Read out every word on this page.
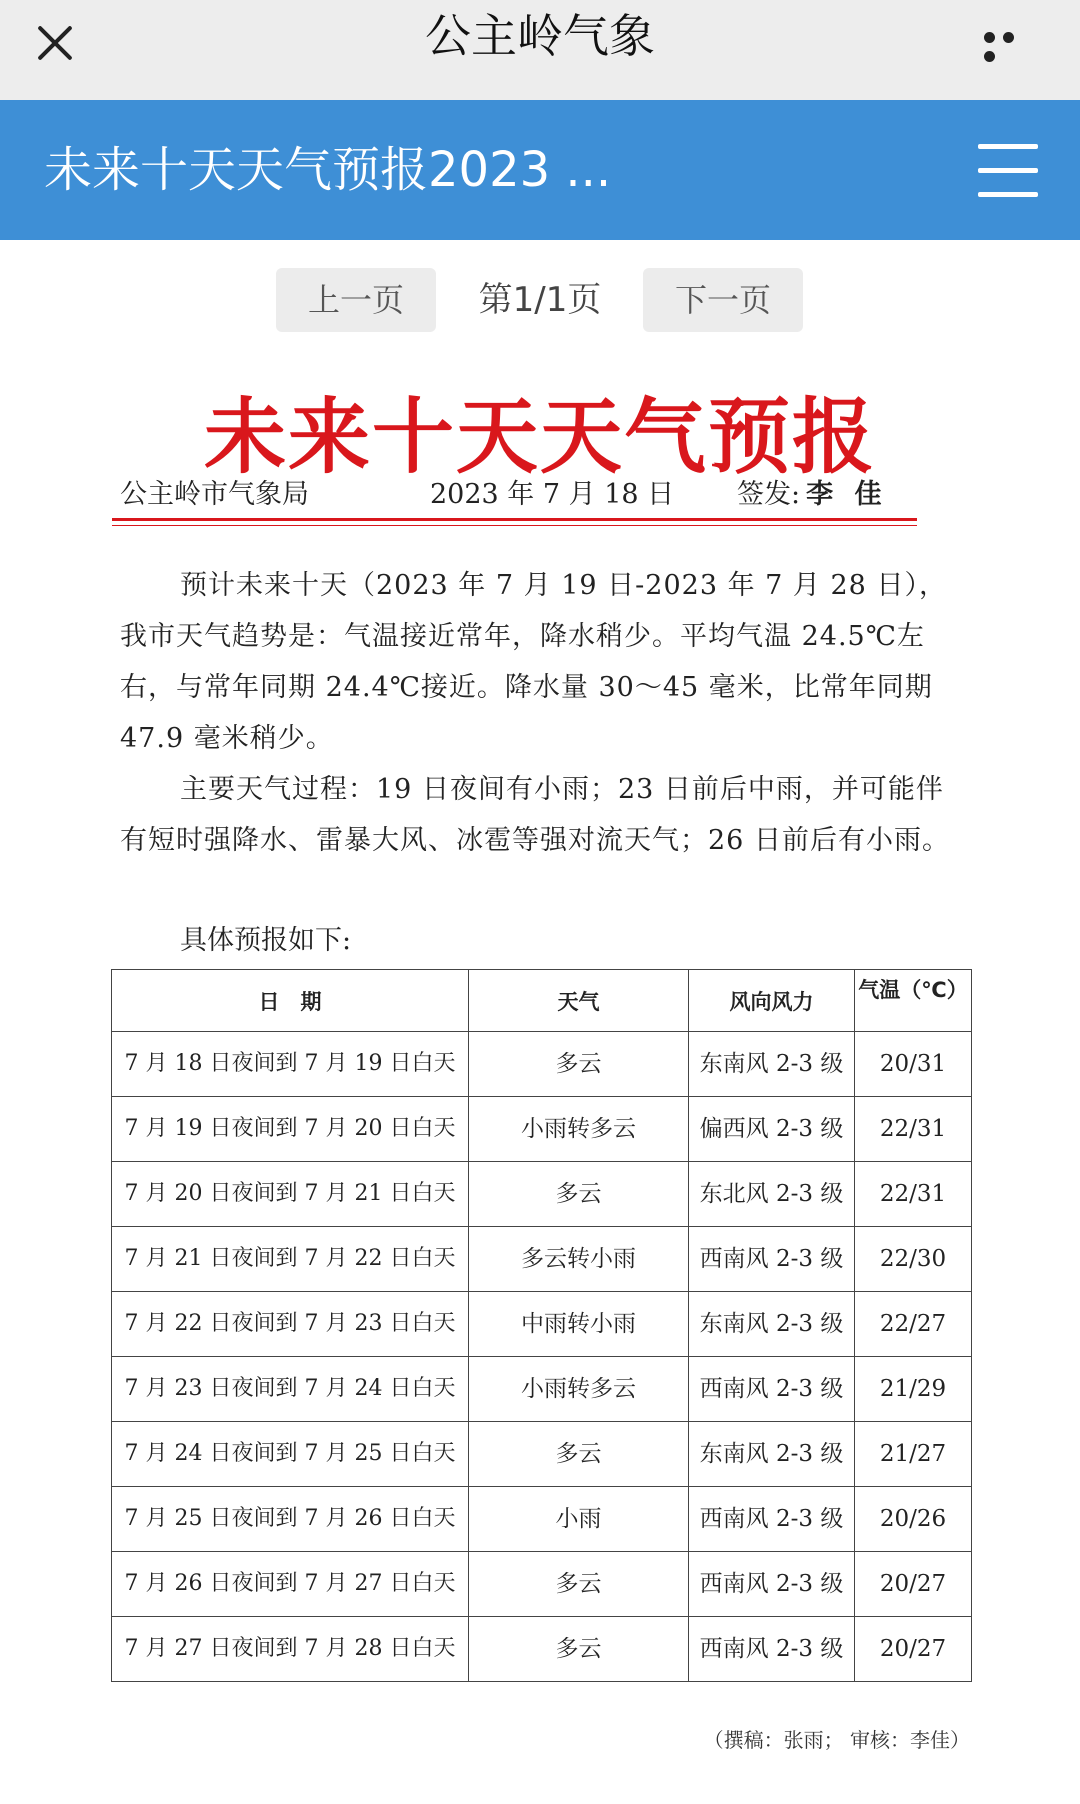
公主岭气象
未来十天天气预报2023 ...
上一页	第1/1页	下一页
未来十天天气预报
公主岭市气象局	2023 年 7 月 18 日 签发: 李 佳

预计未来十天（2023 年 7 月 19 日-2023 年 7 月 28 日），我市天气趋势是：气温接近常年，降水稍少。平均气温 24.5℃左右，与常年同期 24.4℃接近。降水量 30～45 毫米，比常年同期 47.9 毫米稍少。

主要天气过程：19 日夜间有小雨；23 日前后中雨，并可能伴有短时强降水、雷暴大风、冰雹等强对流天气；26 日前后有小雨。

具体预报如下:
日　期	天气	风向风力	气温（℃）
7 月 18 日夜间到 7 月 19 日白天	多云	东南风 2-3 级	20/31
7 月 19 日夜间到 7 月 20 日白天	小雨转多云	偏西风 2-3 级	22/31
7 月 20 日夜间到 7 月 21 日白天	多云	东北风 2-3 级	22/31
7 月 21 日夜间到 7 月 22 日白天	多云转小雨	西南风 2-3 级	22/30
7 月 22 日夜间到 7 月 23 日白天	中雨转小雨	东南风 2-3 级	22/27
7 月 23 日夜间到 7 月 24 日白天	小雨转多云	西南风 2-3 级	21/29
7 月 24 日夜间到 7 月 25 日白天	多云	东南风 2-3 级	21/27
7 月 25 日夜间到 7 月 26 日白天	小雨	西南风 2-3 级	20/26
7 月 26 日夜间到 7 月 27 日白天	多云	西南风 2-3 级	20/27
7 月 27 日夜间到 7 月 28 日白天	多云	西南风 2-3 级	20/27
（撰稿：张雨； 审核：李佳）
